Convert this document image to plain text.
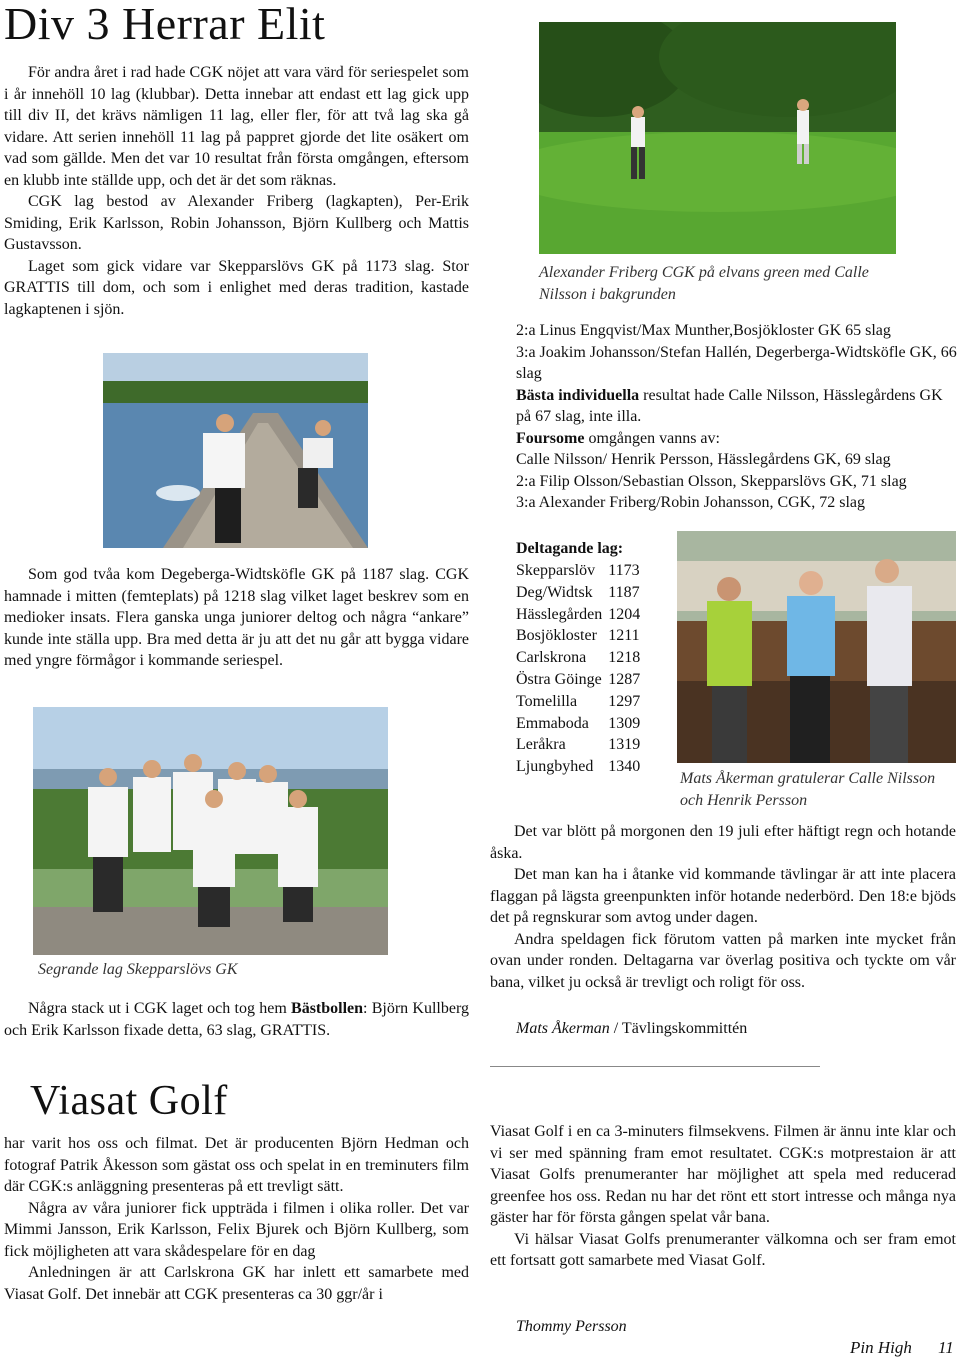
Div 3 Herrar Elit

För andra året i rad hade CGK nöjet att vara värd för seriespelet som i år innehöll 10 lag (klubbar). Detta innebar att endast ett lag gick upp till div II, det krävs nämligen 11 lag, eller fler, för att två lag ska gå vidare. Att serien innehöll 11 lag på pappret gjorde det lite osäkert om vad som gällde. Men det var 10 resultat från första omgången, eftersom en klubb inte ställde upp, och det är det som räknas.

CGK lag bestod av Alexander Friberg (lagkapten), Per-Erik Smiding, Erik Karlsson, Robin Johansson, Björn Kullberg och Mattis Gustavsson.

Laget som gick vidare var Skepparslövs GK på 1173 slag. Stor GRATTIS till dom, och som i enlighet med deras tradition, kastade lagkaptenen i sjön.

Alexander Friberg CGK på elvans green med Calle Nilsson i bakgrunden

2:a Linus Engqvist/Max Munther,Bosjökloster GK 65 slag

3:a Joakim Johansson/Stefan Hallén, Degerberga-Widtsköfle GK, 66 slag

Bästa individuella resultat hade Calle Nilsson, Hässlegårdens GK på 67 slag, inte illa.

Foursome omgången vanns av:

Calle Nilsson/ Henrik Persson, Hässlegårdens GK, 69 slag

2:a Filip Olsson/Sebastian Olsson, Skepparslövs GK, 71 slag

3:a Alexander Friberg/Robin Johansson, CGK, 72 slag

Som god tvåa kom Degeberga-Widtsköfle GK på 1187 slag. CGK hamnade i mitten (femteplats) på 1218 slag vilket laget beskrev som en medioker insats. Flera ganska unga juniorer deltog och några “ankare” kunde inte ställa upp. Bra med detta är ju att det nu går att bygga vidare med yngre förmågor i kommande seriespel.

Deltagande lag:
Skepparslöv	1173
Deg/Widtsk	1187
Hässlegården	1204
Bosjökloster	1211
Carlskrona	1218
Östra Göinge	1287
Tomelilla	1297
Emmaboda	1309
Leråkra	1319
Ljungbyhed	1340
Mats Åkerman gratulerar Calle Nilsson och Henrik Persson
Segrande lag Skepparslövs GK

Några stack ut i CGK laget och tog hem Bästbollen: Björn Kullberg och Erik Karlsson fixade detta, 63 slag, GRATTIS.

Det var blött på morgonen den 19 juli efter häftigt regn och hotande åska.

Det man kan ha i åtanke vid kommande tävlingar är att inte placera flaggan på lägsta greenpunkten inför hotande nederbörd. Den 18:e bjöds det på regnskurar som avtog under dagen.

Andra speldagen fick förutom vatten på marken inte mycket från ovan under ronden. Deltagarna var överlag positiva och tyckte om vår bana, vilket ju också är trevligt och roligt för oss.

Mats Åkerman / Tävlingskommittén
Viasat Golf

har varit hos oss och filmat. Det är producenten Björn Hedman och fotograf Patrik Åkesson som gästat oss och spelat in en treminuters film där CGK:s anläggning presenteras på ett trevligt sätt.

Några av våra juniorer fick uppträda i filmen i olika roller. Det var Mimmi Jansson, Erik Karlsson, Felix Bjurek och Björn Kullberg, som fick möjligheten att vara skådespelare för en dag

Anledningen är att Carlskrona GK har inlett ett samarbete med Viasat Golf. Det innebär att CGK presenteras ca 30 ggr/år i

Viasat Golf i en ca 3-minuters filmsekvens. Filmen är ännu inte klar och vi ser med spänning fram emot resultatet. CGK:s motprestaion är att Viasat Golfs prenumeranter har möjlighet att spela med reducerad greenfee hos oss. Redan nu har det rönt ett stort intresse och många nya gäster har för första gången spelat vår bana.

Vi hälsar Viasat Golfs prenumeranter välkomna och ser fram emot ett fortsatt gott samarbete med Viasat Golf.

Thommy Persson
Pin High 11
